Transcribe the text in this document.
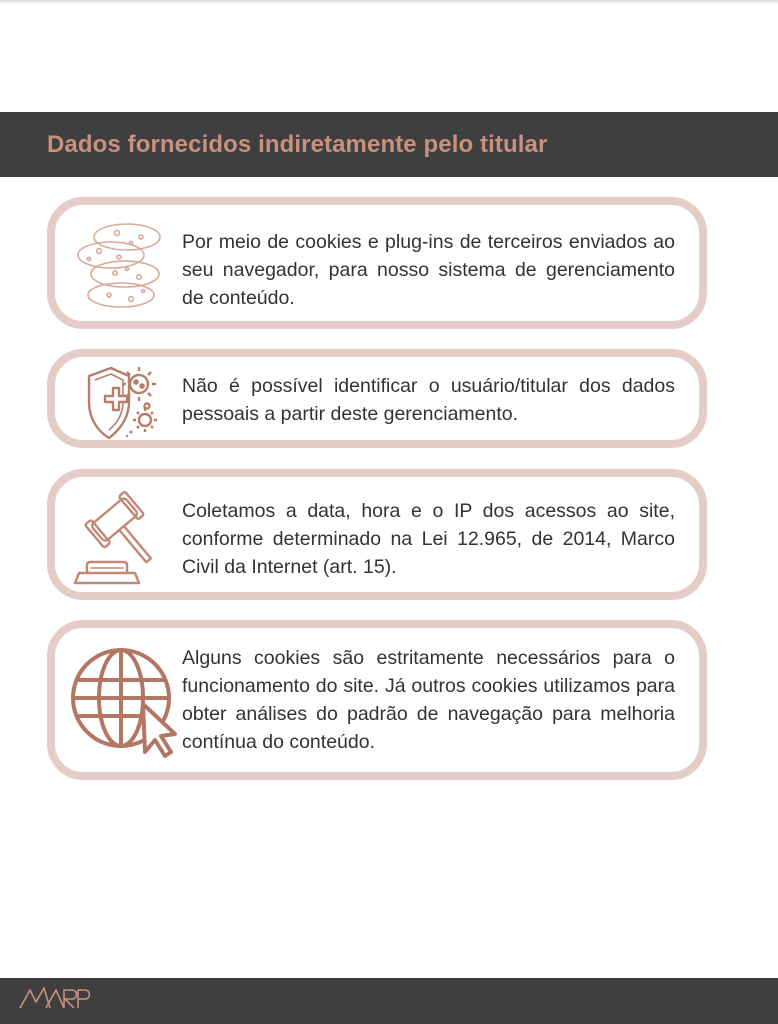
Dados fornecidos indiretamente pelo titular
Por meio de cookies e plug-ins de terceiros enviados ao seu navegador, para nosso sistema de gerenciamento de conteúdo.
Não é possível identificar o usuário/titular dos dados pessoais a partir deste gerenciamento.
Coletamos a data, hora e o IP dos acessos ao site, conforme determinado na Lei 12.965, de 2014, Marco Civil da Internet (art. 15).
Alguns cookies são estritamente necessários para o funcionamento do site. Já outros cookies utilizamos para obter análises do padrão de navegação para melhoria contínua do conteúdo.
